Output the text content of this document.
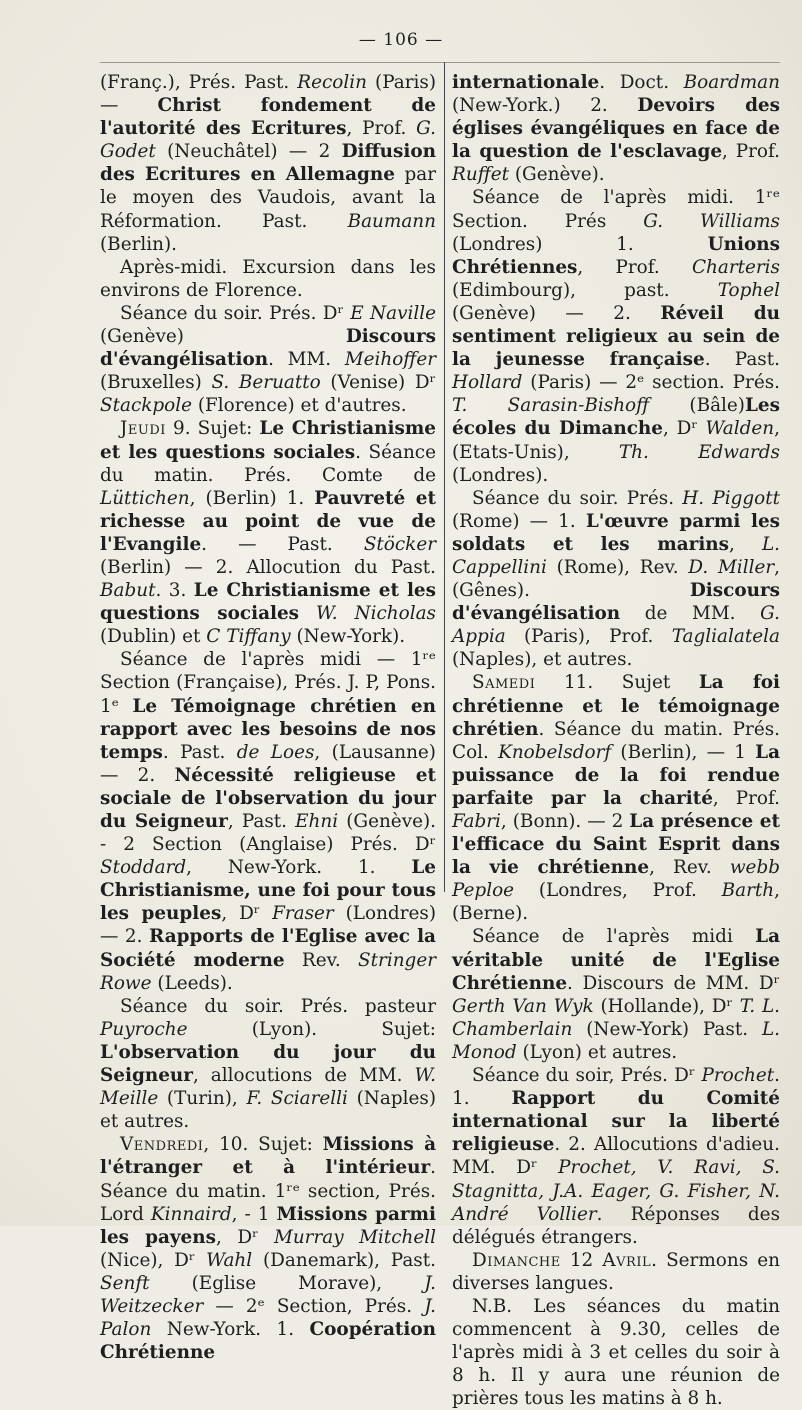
— 106 —

(Franç.), Prés. Past. Recolin (Paris) — Christ fondement de l'autorité des Ecritures, Prof. G. Godet (Neuchâtel) — 2 Diffusion des Ecritures en Allemagne par le moyen des Vaudois, avant la Réformation. Past. Baumann (Berlin).

Après-midi. Excursion dans les environs de Florence.

Séance du soir. Prés. Dʳ E Naville (Genève) Discours d'évangélisation. MM. Meihoffer (Bruxelles) S. Beruatto (Venise) Dʳ Stackpole (Florence) et d'autres.

Jeudi 9. Sujet: Le Christianisme et les questions sociales. Séance du matin. Prés. Comte de Lüttichen, (Berlin) 1. Pauvreté et richesse au point de vue de l'Evangile. — Past. Stöcker (Berlin) — 2. Allocution du Past. Babut. 3. Le Christianisme et les questions sociales W. Nicholas (Dublin) et C Tiffany (New-York).

Séance de l'après midi — 1ʳᵉ Section (Française), Prés. J. P, Pons. 1ᵉ Le Témoignage chrétien en rapport avec les besoins de nos temps. Past. de Loes, (Lausanne) — 2. Nécessité religieuse et sociale de l'observation du jour du Seigneur, Past. Ehni (Genève). - 2 Section (Anglaise) Prés. Dʳ Stoddard, New-York. 1. Le Christianisme, une foi pour tous les peuples, Dʳ Fraser (Londres) — 2. Rapports de l'Eglise avec la Société moderne Rev. Stringer Rowe (Leeds).

Séance du soir. Prés. pasteur Puyroche (Lyon). Sujet: L'observation du jour du Seigneur, allocutions de MM. W. Meille (Turin), F. Sciarelli (Naples) et autres.

Vendredi, 10. Sujet: Missions à l'étranger et à l'intérieur. Séance du matin. 1ʳᵉ section, Prés. Lord Kinnaird, - 1 Missions parmi les payens, Dʳ Murray Mitchell (Nice), Dʳ Wahl (Danemark), Past. Senft (Eglise Morave), J. Weitzecker — 2ᵉ Section, Prés. J. Palon New-York. 1. Coopération Chrétienne

internationale. Doct. Boardman (New-York.) 2. Devoirs des églises évangéliques en face de la question de l'esclavage, Prof. Ruffet (Genève).

Séance de l'après midi. 1ʳᵉ Section. Prés G. Williams (Londres) 1. Unions Chrétiennes, Prof. Charteris (Edimbourg), past. Tophel (Genève) — 2. Réveil du sentiment religieux au sein de la jeunesse française. Past. Hollard (Paris) — 2ᵉ section. Prés. T. Sarasin-Bishoff (Bâle)Les écoles du Dimanche, Dʳ Walden, (Etats-Unis), Th. Edwards (Londres).

Séance du soir. Prés. H. Piggott (Rome) — 1. L'œuvre parmi les soldats et les marins, L. Cappellini (Rome), Rev. D. Miller, (Gênes). Discours d'évangélisation de MM. G. Appia (Paris), Prof. Taglialatela (Naples), et autres.

Samedi 11. Sujet La foi chrétienne et le témoignage chrétien. Séance du matin. Prés. Col. Knobelsdorf (Berlin), — 1 La puissance de la foi rendue parfaite par la charité, Prof. Fabri, (Bonn). — 2 La présence et l'efficace du Saint Esprit dans la vie chrétienne, Rev. webb Peploe (Londres, Prof. Barth, (Berne).

Séance de l'après midi La véritable unité de l'Eglise Chrétienne. Discours de MM. Dʳ Gerth Van Wyk (Hollande), Dʳ T. L. Chamberlain (New-York) Past. L. Monod (Lyon) et autres.

Séance du soir, Prés. Dʳ Prochet. 1. Rapport du Comité international sur la liberté religieuse. 2. Allocutions d'adieu. MM. Dʳ Prochet, V. Ravi, S. Stagnitta, J.A. Eager, G. Fisher, N. André Vollier. Réponses des délégués étrangers.

Dimanche 12 Avril. Sermons en diverses langues.

N.B. Les séances du matin commencent à 9.30, celles de l'après midi à 3 et celles du soir à 8 h. Il y aura une réunion de prières tous les matins à 8 h.
